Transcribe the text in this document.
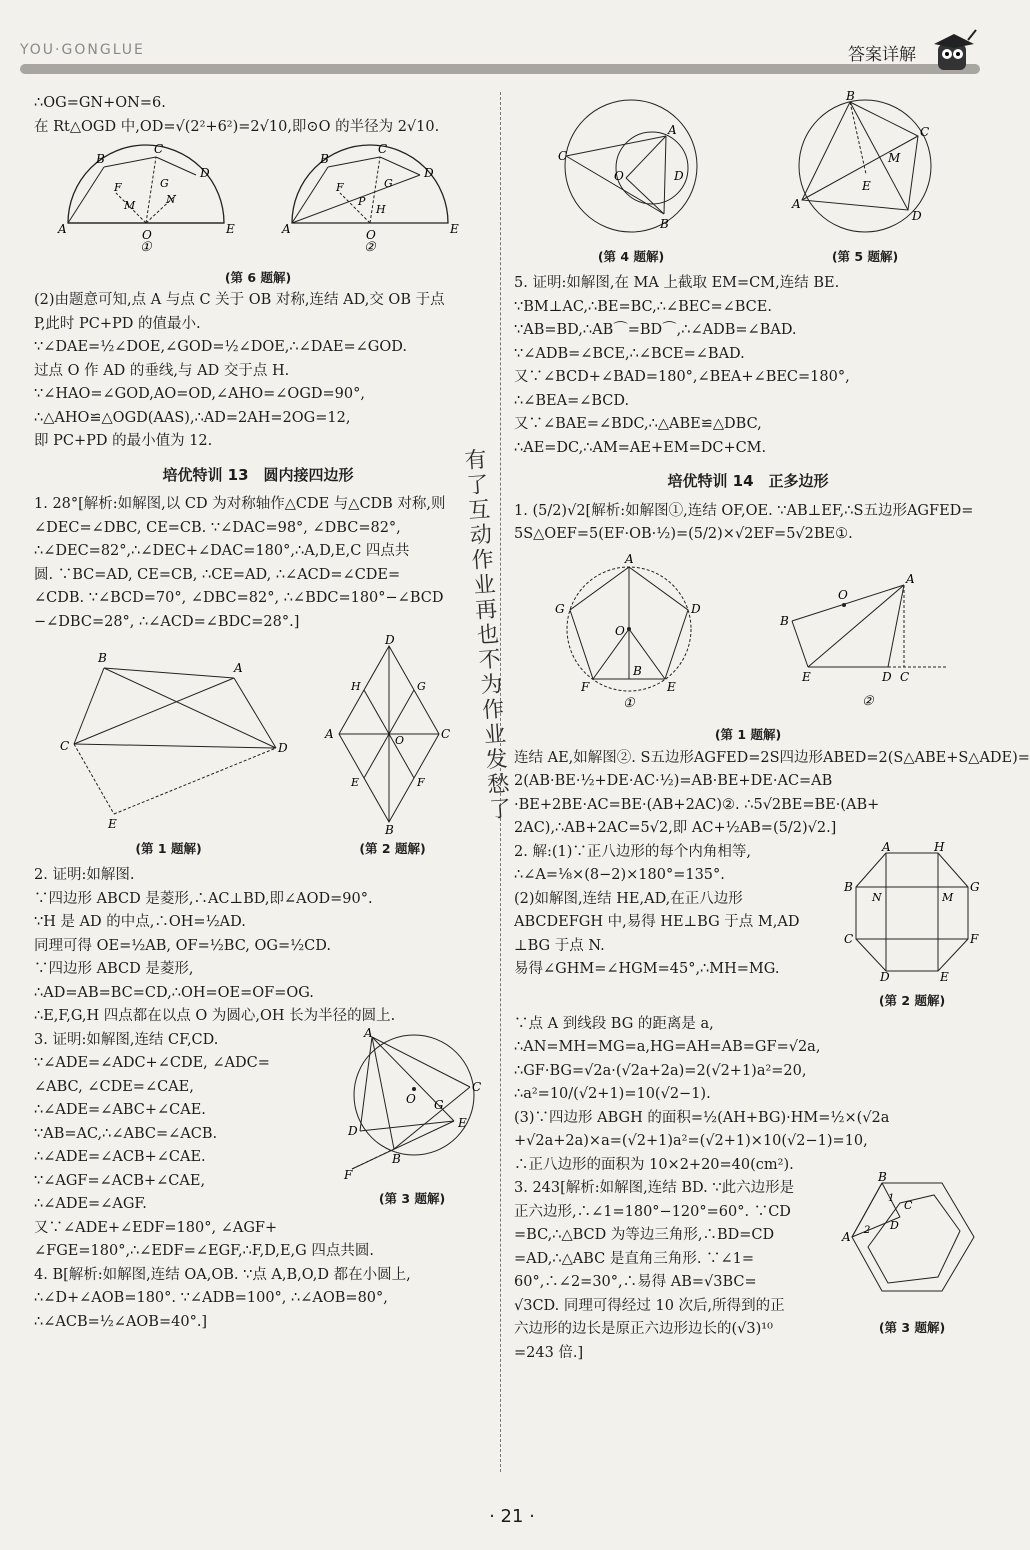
YOU·GONGLUE	答案详解
∴OG=GN+ON=6.
在 Rt△OGD 中,OD=√(2²+6²)=2√10,即⊙O 的半径为 2√10.
A
B
C
D
E
O
F	G
M	N
①
A
B
C
D
E
O
F	G
P
H
②
(第 6 题解)
(2)由题意可知,点 A 与点 C 关于 OB 对称,连结 AD,交 OB 于点
P,此时 PC+PD 的值最小.
∵∠DAE=½∠DOE,∠GOD=½∠DOE,∴∠DAE=∠GOD.
过点 O 作 AD 的垂线,与 AD 交于点 H.
∵∠HAO=∠GOD,AO=OD,∠AHO=∠OGD=90°,
∴△AHO≌△OGD(AAS),∴AD=2AH=2OG=12,
即 PC+PD 的最小值为 12.
培优特训 13　圆内接四边形
1. 28°[解析:如解图,以 CD 为对称轴作△CDE 与△CDB 对称,则
∠DEC=∠DBC, CE=CB. ∵∠DAC=98°, ∠DBC=82°,
∴∠DEC=82°,∴∠DEC+∠DAC=180°,∴A,D,E,C 四点共
圆. ∵BC=AD, CE=CB, ∴CE=AD, ∴∠ACD=∠CDE=
∠CDB. ∵∠BCD=70°, ∠DBC=82°, ∴∠BDC=180°−∠BCD
−∠DBC=28°, ∴∠ACD=∠BDC=28°.]
B
A
C	D
E
(第 1 题解)
D
A	C
B
H	G
E	F
O
(第 2 题解)
2. 证明:如解图.
∵四边形 ABCD 是菱形,∴AC⊥BD,即∠AOD=90°.
∵H 是 AD 的中点,∴OH=½AD.
同理可得 OE=½AB, OF=½BC, OG=½CD.
∵四边形 ABCD 是菱形,
∴AD=AB=BC=CD,∴OH=OE=OF=OG.
∴E,F,G,H 四点都在以点 O 为圆心,OH 长为半径的圆上.
A
C
D
E
B
F
G
O
(第 3 题解)
3. 证明:如解图,连结 CF,CD.
∵∠ADE=∠ADC+∠CDE, ∠ADC=
∠ABC, ∠CDE=∠CAE,
∴∠ADE=∠ABC+∠CAE.
∵AB=AC,∴∠ABC=∠ACB.
∴∠ADE=∠ACB+∠CAE.
∵∠AGF=∠ACB+∠CAE,
∴∠ADE=∠AGF.
又∵∠ADE+∠EDF=180°, ∠AGF+
∠FGE=180°,∴∠EDF=∠EGF,∴F,D,E,G 四点共圆.
4. B[解析:如解图,连结 OA,OB. ∵点 A,B,O,D 都在小圆上,
∴∠D+∠AOB=180°. ∵∠ADB=100°, ∴∠AOB=80°,
∴∠ACB=½∠AOB=40°.]
A
B
O	D
C
(第 4 题解)
B
C
D
A
E
M
(第 5 题解)
5. 证明:如解图,在 MA 上截取 EM=CM,连结 BE.
∵BM⊥AC,∴BE=BC,∴∠BEC=∠BCE.
∵AB=BD,∴AB⌒=BD⌒,∴∠ADB=∠BAD.
∵∠ADB=∠BCE,∴∠BCE=∠BAD.
又∵∠BCD+∠BAD=180°,∠BEA+∠BEC=180°,
∴∠BEA=∠BCD.
又∵∠BAE=∠BDC,∴△ABE≌△DBC,
∴AE=DC,∴AM=AE+EM=DC+CM.
培优特训 14　正多边形
1. (5/2)√2[解析:如解图①,连结 OF,OE. ∵AB⊥EF,∴S五边形AGFED=
5S△OEF=5(EF·OB·½)=(5/2)×√2EF=5√2BE①.
A
D
E
F
G
B
O
①
A
B
E	D C
O
②
(第 1 题解)
连结 AE,如解图②. S五边形AGFED=2S四边形ABED=2(S△ABE+S△ADE)=
2(AB·BE·½+DE·AC·½)=AB·BE+DE·AC=AB
·BE+2BE·AC=BE·(AB+2AC)②. ∴5√2BE=BE·(AB+
2AC),∴AB+2AC=5√2,即 AC+½AB=(5/2)√2.]
A	H
B	G
C	F
D	E
N	M
(第 2 题解)
2. 解:(1)∵正八边形的每个内角相等,
∴∠A=⅛×(8−2)×180°=135°.
(2)如解图,连结 HE,AD,在正八边形
ABCDEFGH 中,易得 HE⊥BG 于点 M,AD
⊥BG 于点 N.
易得∠GHM=∠HGM=45°,∴MH=MG.
∵点 A 到线段 BG 的距离是 a,
∴AN=MH=MG=a,HG=AH=AB=GF=√2a,
∴GF·BG=√2a·(√2a+2a)=2(√2+1)a²=20,
∴a²=10/(√2+1)=10(√2−1).
(3)∵四边形 ABGH 的面积=½(AH+BG)·HM=½×(√2a
+√2a+2a)×a=(√2+1)a²=(√2+1)×10(√2−1)=10,
∴正八边形的面积为 10×2+20=40(cm²).
B
C
D
A
1
2
(第 3 题解)
3. 243[解析:如解图,连结 BD. ∵此六边形是
正六边形,∴∠1=180°−120°=60°. ∵CD
=BC,∴△BCD 为等边三角形,∴BD=CD
=AD,∴△ABC 是直角三角形. ∵∠1=
60°,∴∠2=30°,∴易得 AB=√3BC=
√3CD. 同理可得经过 10 次后,所得到的正
六边形的边长是原正六边形边长的(√3)¹⁰
=243 倍.]
有
了
互
动
作
业
再
也
不
为
作
业
发
愁
了
· 21 ·
